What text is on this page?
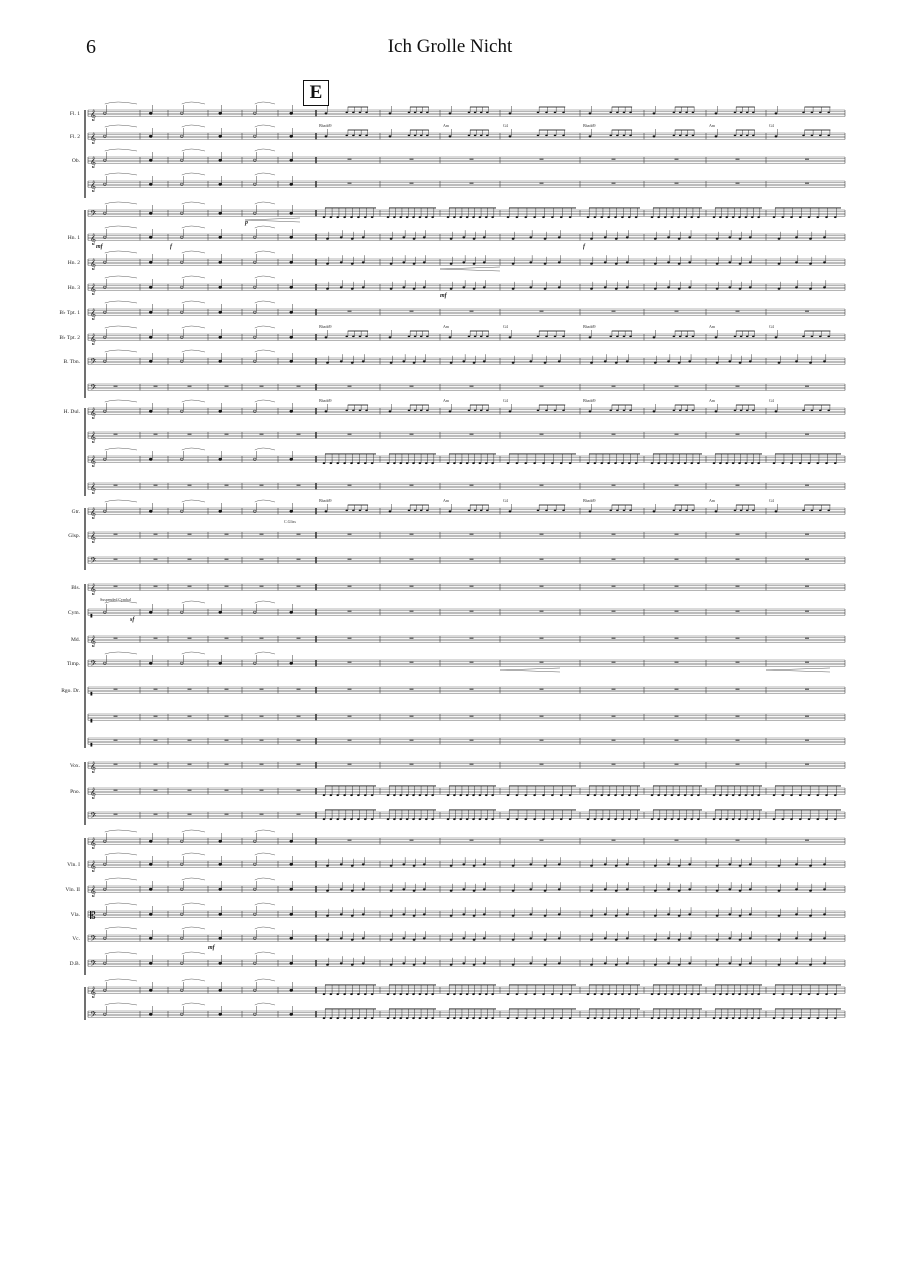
6	Ich Grolle Nicht
E
𝄞
Fl. 1
𝄞
Fl. 2
𝄞
Ob.
𝄞
𝄢
𝄞
Hn. 1
𝄞
Hn. 2
𝄞
Hn. 3
𝄞
B♭ Tpt. 1
𝄞
B♭ Tpt. 2
𝄢
B. Tbn.
𝄢
𝄞
H. Dul.
𝄞
𝄞
𝄞
𝄞
Gtr.
𝄞
Glsp.
𝄢
𝄞
Bls.
▮
Cym.
𝄞
Md.
𝄢
Timp.
▮
Rgo. Dr.
▮
▮
𝄞
Vox.
𝄞
Pno.
𝄢
𝄞
𝄞
Vln. I
𝄞
Vln. II
𝄡
Vla.
𝄢
Vc.
𝄢
D.B.
𝄞
𝄢
Bbadd9	Am	G4	Bbadd9	Am	G4
Bbadd9	Am	G4	Bbadd9	Am	G4
Bbadd9	Am	G4	Bbadd9	Am	G4
Bbadd9	Am	G4	Bbadd9	Am	G4
Suspended Cymbal
C.Gliss
mf	f
p
mf
f
mf
sf
